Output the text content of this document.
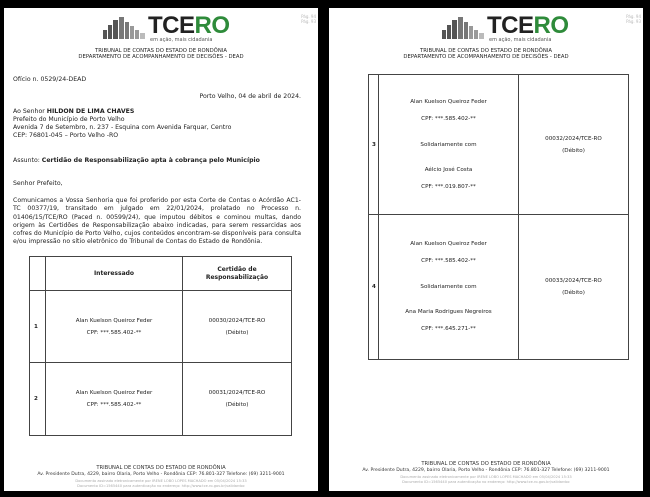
Pág. 94
Pág. 93
TCERO
em ação, mais cidadania
TRIBUNAL DE CONTAS DO ESTADO DE RONDÔNIA
DEPARTAMENTO DE ACOMPANHAMENTO DE DECISÕES - DEAD
Ofício n. 0529/24-DEAD
Porto Velho, 04 de abril de 2024.
Ao Senhor HILDON DE LIMA CHAVES
Prefeito do Município de Porto Velho
Avenida 7 de Setembro, n. 237 - Esquina com Avenida Farquar, Centro
CEP: 76801-045 – Porto Velho -RO
Assunto: Certidão de Responsabilização apta à cobrança pelo Município
Senhor Prefeito,
Comunicamos a Vossa Senhoria que foi proferido por esta Corte de Contas o Acórdão AC1-TC 00377/19, transitado em julgado em 22/01/2024, prolatado no Processo n. 01406/15/TCE/RO (Paced n. 00599/24), que imputou débitos e cominou multas, dando origem às Certidões de Responsabilização abaixo indicadas, para serem ressarcidas aos cofres do Município de Porto Velho, cujos conteúdos encontram-se disponíveis para consulta e/ou impressão no sítio eletrônico do Tribunal de Contas do Estado de Rondônia.
	Interessado	Certidão de
Responsabilização

1	Alan Kuelson Queiroz Feder
CPF: ***.585.402-**	00030/2024/TCE-RO
(Débito)

2	Alan Kuelson Queiroz Feder
CPF: ***.585.402-**	00031/2024/TCE-RO
(Débito)
TRIBUNAL DE CONTAS DO ESTADO DE RONDÔNIA
Av. Presidente Dutra, 4229, bairro Olaria, Porto Velho - Rondônia CEP: 76.801-327 Telefone: (69) 3211-9001
Documento assinado eletronicamente por IRENE LOBO LOPES MACHADO em 05/04/2024 15:33
Documento ID=1565440 para autenticação no endereço: http://www.tce.ro.gov.br/validardoc
Pág. 94
Pág. 93
TCERO
em ação, mais cidadania
TRIBUNAL DE CONTAS DO ESTADO DE RONDÔNIA
DEPARTAMENTO DE ACOMPANHAMENTO DE DECISÕES - DEAD
3	Alan Kuelson Queiroz Feder
CPF: ***.585.402-**
Solidariamente com
Aélcio José Costa
CPF: ***.019.807-**	00032/2024/TCE-RO
(Débito)

4	Alan Kuelson Queiroz Feder
CPF: ***.585.402-**
Solidariamente com
Ana Maria Rodrigues Negreiros
CPF: ***.645.271-**	00033/2024/TCE-RO
(Débito)
TRIBUNAL DE CONTAS DO ESTADO DE RONDÔNIA
Av. Presidente Dutra, 4229, bairro Olaria, Porto Velho - Rondônia CEP: 76.801-327 Telefone: (69) 3211-9001
Documento assinado eletronicamente por IRENE LOBO LOPES MACHADO em 05/04/2024 15:33
Documento ID=1565440 para autenticação no endereço: http://www.tce.ro.gov.br/validardoc
